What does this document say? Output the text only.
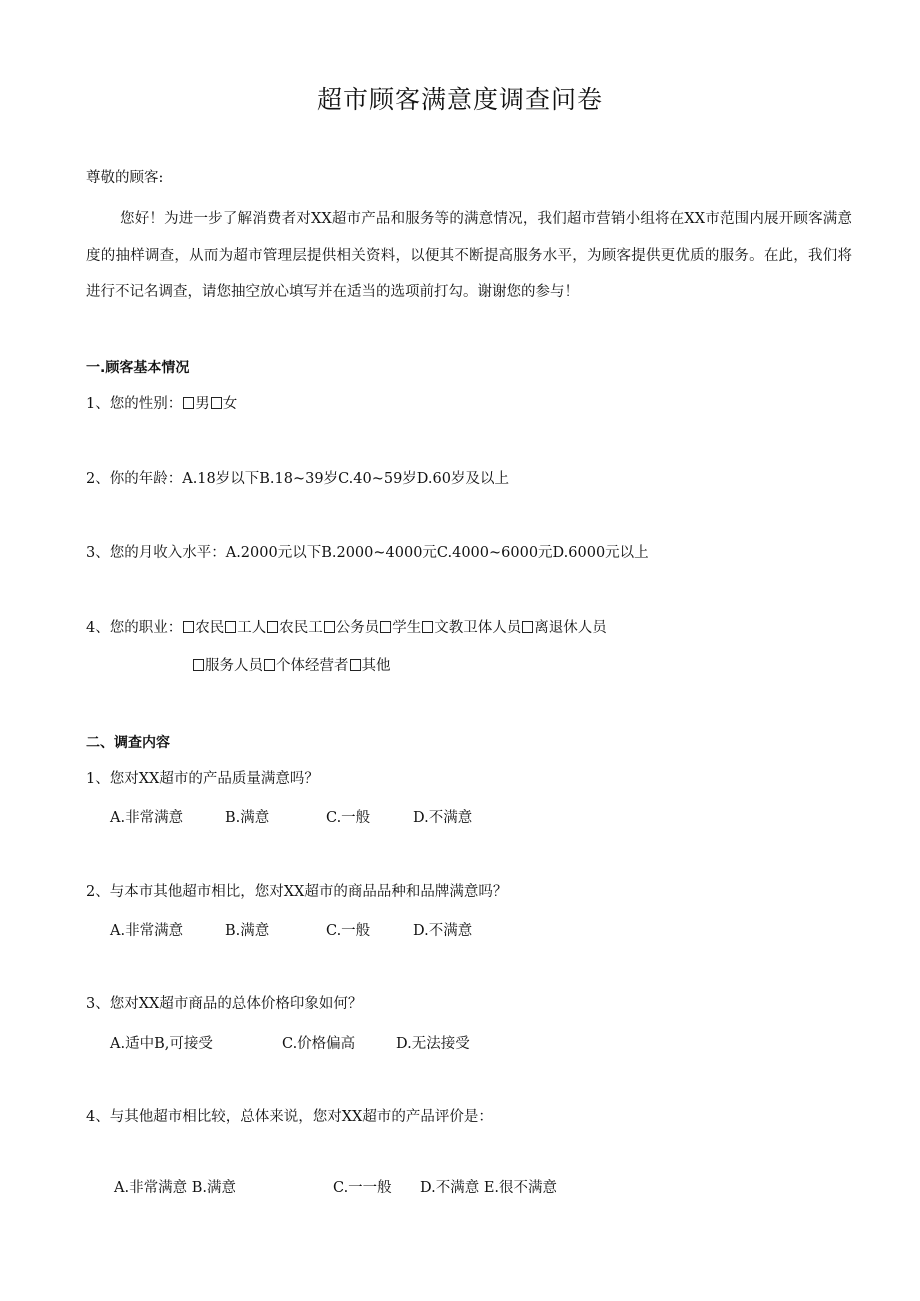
超市顾客满意度调查问卷
尊敬的顾客:
您好！为进一步了解消费者对XX超市产品和服务等的满意情况，我们超市营销小组将在XX市范围内展开顾客满意度的抽样调查，从而为超市管理层提供相关资料，以便其不断提高服务水平，为顾客提供更优质的服务。在此，我们将进行不记名调查，请您抽空放心填写并在适当的选项前打勾。谢谢您的参与！
一.顾客基本情况
1、您的性别： 男 女
2、你的年龄：A.18岁以下B.18~39岁C.40~59岁D.60岁及以上
3、您的月收入水平：A.2000元以下B.2000~4000元C.4000~6000元D.6000元以上
4、您的职业： 农民 工人 农民工 公务员 学生 文教卫体人员 离退休人员
服务人员 个体经营者 其他
二、调查内容
1、您对XX超市的产品质量满意吗？
A.非常满意	B.满意	C.一般	D.不满意
2、与本市其他超市相比，您对XX超市的商品品种和品牌满意吗？
A.非常满意	B.满意	C.一般	D.不满意
3、您对XX超市商品的总体价格印象如何？
A.适中B,可接受	C.价格偏高	D.无法接受
4、与其他超市相比较，总体来说，您对XX超市的产品评价是：
A.非常满意 B.满意	C.一一般 D.不满意 E.很不满意
